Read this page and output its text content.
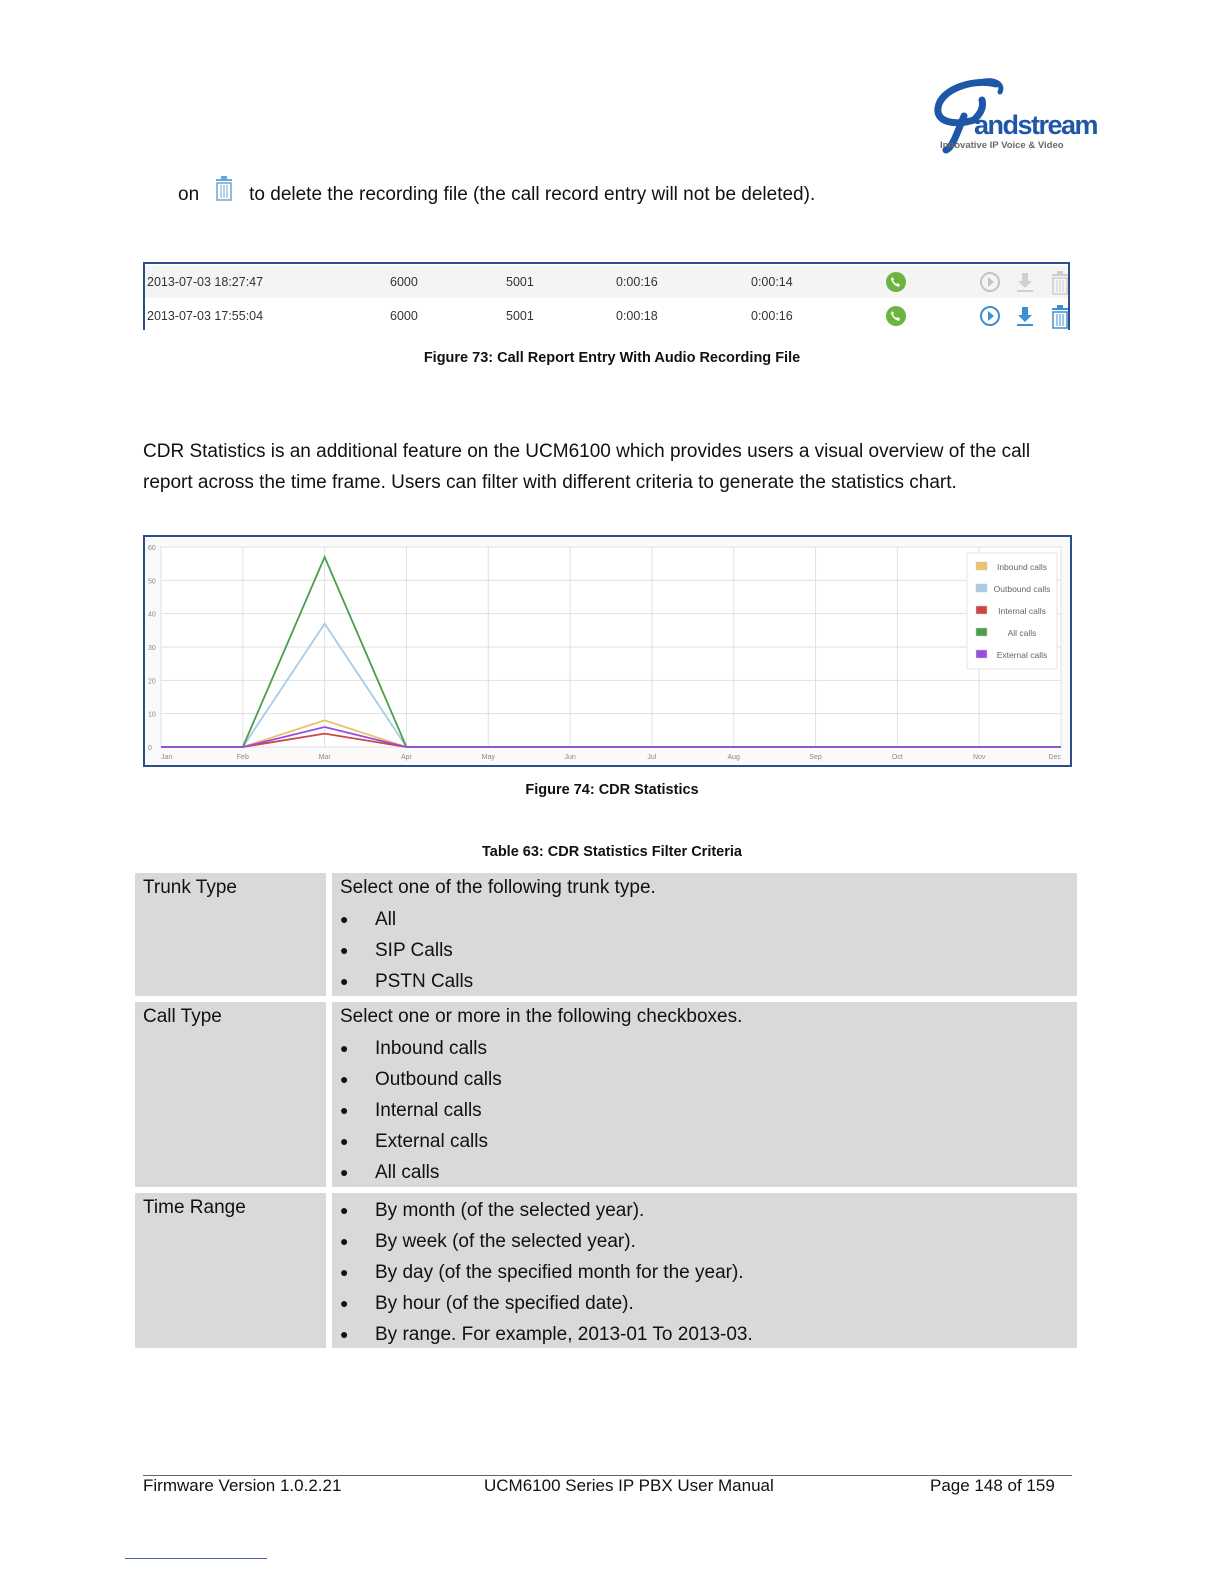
andstream
Innovative IP Voice & Video
on	to delete the recording file (the call record entry will not be deleted).
2013-07-03 18:27:47	6000	5001	0:00:16	0:00:14
2013-07-03 17:55:04	6000	5001	0:00:18	0:00:16
Figure 73: Call Report Entry With Audio Recording File
CDR Statistics is an additional feature on the UCM6100 which provides users a visual overview of the call report across the time frame. Users can filter with different criteria to generate the statistics chart.
0
10
20
30
40
50
60
Jan	Feb	Mar	Apr	May	Jun	Jul	Aug	Sep	Oct	Nov	Dec
Inbound calls
Outbound calls
Internal calls
All calls
External calls
Figure 74: CDR Statistics
Table 63: CDR Statistics Filter Criteria
Trunk Type	Select one of the following trunk type.
● All
● SIP Calls
● PSTN Calls
Call Type	Select one or more in the following checkboxes.
● Inbound calls
● Outbound calls
● Internal calls
● External calls
● All calls
Time Range	● By month (of the selected year).
● By week (of the selected year).
● By day (of the specified month for the year).
● By hour (of the specified date).
● By range. For example, 2013-01 To 2013-03.
Firmware Version 1.0.2.21	UCM6100 Series IP PBX User Manual	Page 148 of 159
